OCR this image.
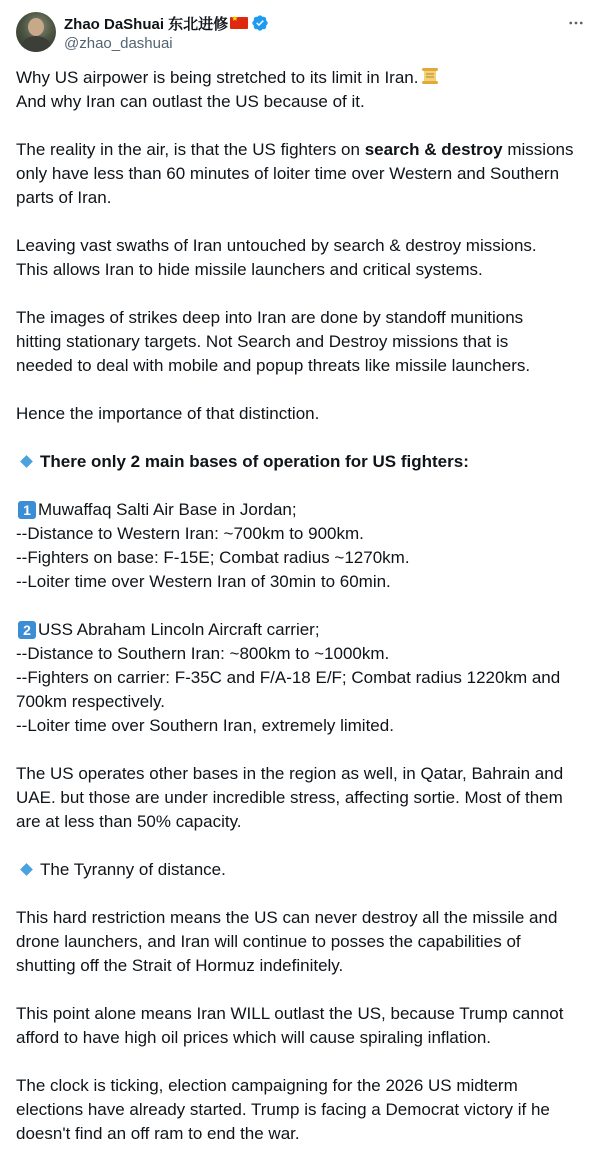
Zhao DaShuai 东北进修
★
@zhao_dashuai

Why US airpower is being stretched to its limit in Iran.
And why Iran can outlast the US because of it.

The reality in the air, is that the US fighters on search & destroy missions
only have less than 60 minutes of loiter time over Western and Southern
parts of Iran.

Leaving vast swaths of Iran untouched by search & destroy missions.
This allows Iran to hide missile launchers and critical systems.

The images of strikes deep into Iran are done by standoff munitions
hitting stationary targets. Not Search and Destroy missions that is
needed to deal with mobile and popup threats like missile launchers.

Hence the importance of that distinction.

There only 2 main bases of operation for US fighters:

1 Muwaffaq Salti Air Base in Jordan;
--Distance to Western Iran: ~700km to 900km.
--Fighters on base: F-15E; Combat radius ~1270km.
--Loiter time over Western Iran of 30min to 60min.

2 USS Abraham Lincoln Aircraft carrier;
--Distance to Southern Iran: ~800km to ~1000km.
--Fighters on carrier: F-35C and F/A-18 E/F; Combat radius 1220km and
700km respectively.
--Loiter time over Southern Iran, extremely limited.

The US operates other bases in the region as well, in Qatar, Bahrain and
UAE. but those are under incredible stress, affecting sortie. Most of them
are at less than 50% capacity.

The Tyranny of distance.

This hard restriction means the US can never destroy all the missile and
drone launchers, and Iran will continue to posses the capabilities of
shutting off the Strait of Hormuz indefinitely.

This point alone means Iran WILL outlast the US, because Trump cannot
afford to have high oil prices which will cause spiraling inflation.

The clock is ticking, election campaigning for the 2026 US midterm
elections have already started. Trump is facing a Democrat victory if he
doesn't find an off ram to end the war.
